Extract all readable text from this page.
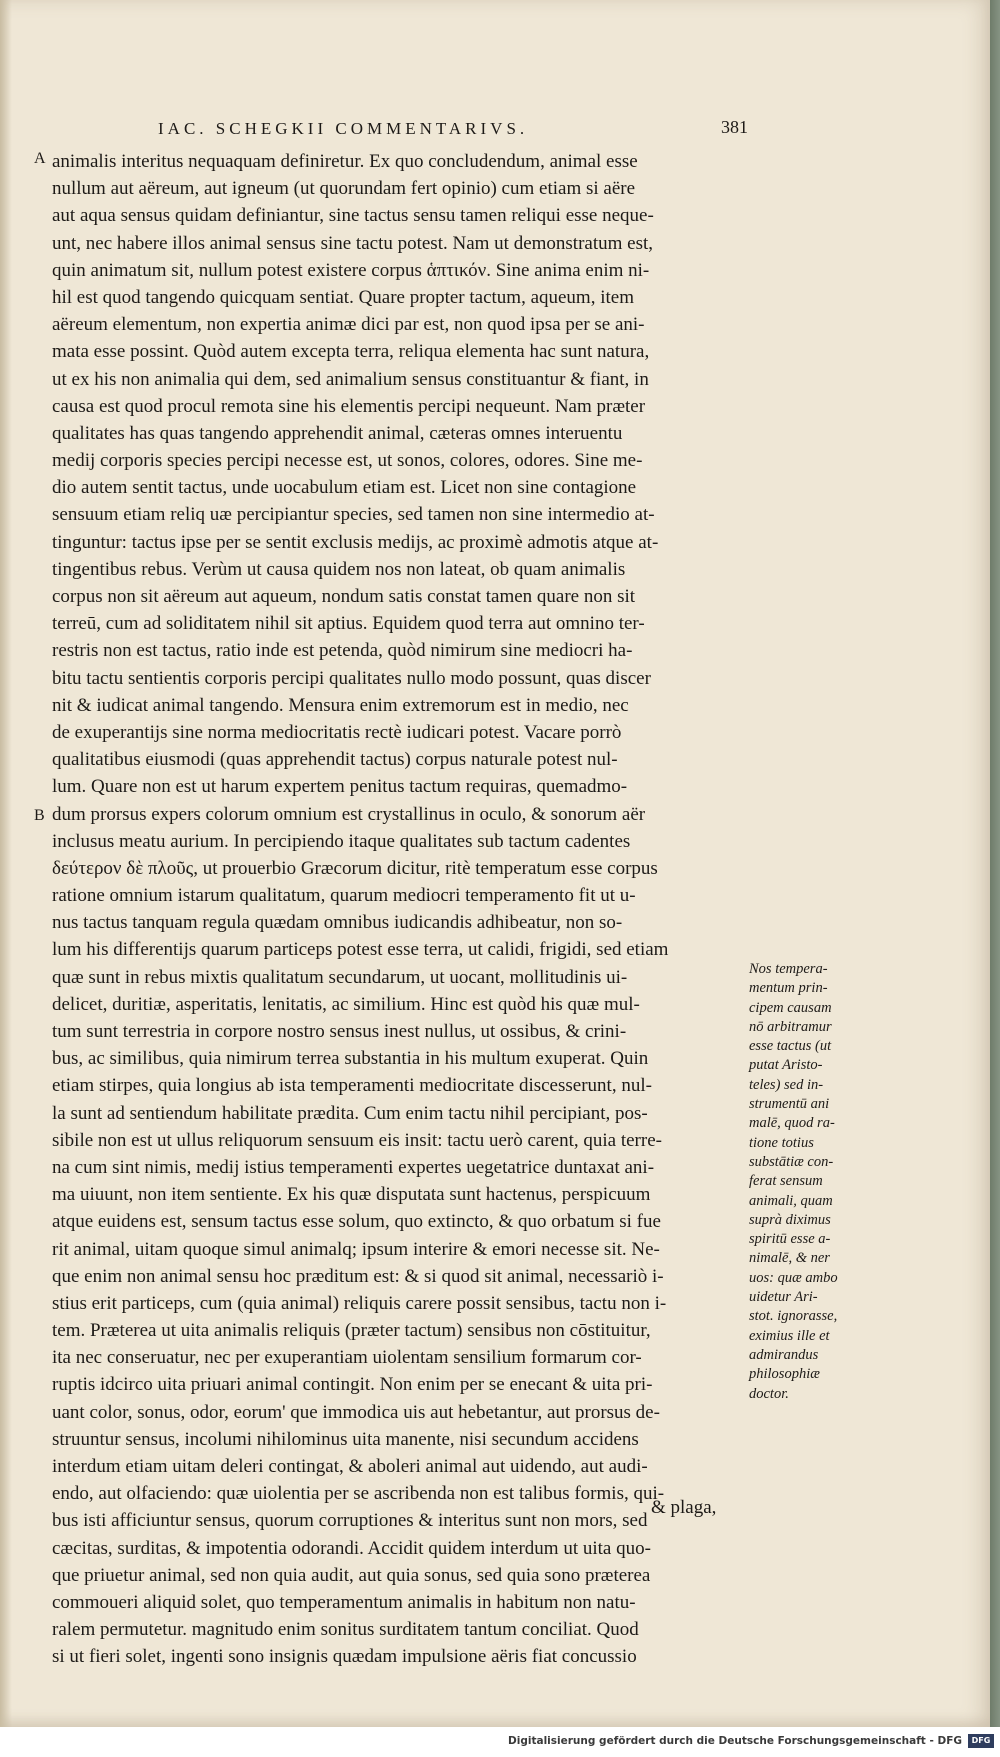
IAC. SCHEGKII COMMENTARIVS.	381
A
B
animalis interitus nequaquam definiretur. Ex quo concludendum, animal esse
nullum aut aëreum, aut igneum (ut quorundam fert opinio) cum etiam si aëre
aut aqua sensus quidam definiantur, sine tactus sensu tamen reliqui esse neque-
unt, nec habere illos animal sensus sine tactu potest. Nam ut demonstratum est,
quin animatum sit, nullum potest existere corpus ἁπτικόν. Sine anima enim ni-
hil est quod tangendo quicquam sentiat. Quare propter tactum, aqueum, item
aëreum elementum, non expertia animæ dici par est, non quod ipsa per se ani-
mata esse possint. Quòd autem excepta terra, reliqua elementa hac sunt natura,
ut ex his non animalia qui dem, sed animalium sensus constituantur & fiant, in
causa est quod procul remota sine his elementis percipi nequeunt. Nam præter
qualitates has quas tangendo apprehendit animal, cæteras omnes interuentu
medij corporis species percipi necesse est, ut sonos, colores, odores. Sine me-
dio autem sentit tactus, unde uocabulum etiam est. Licet non sine contagione
sensuum etiam reliq uæ percipiantur species, sed tamen non sine intermedio at-
tinguntur: tactus ipse per se sentit exclusis medijs, ac proximè admotis atque at-
tingentibus rebus. Verùm ut causa quidem nos non lateat, ob quam animalis
corpus non sit aëreum aut aqueum, nondum satis constat tamen quare non sit
terreū, cum ad soliditatem nihil sit aptius. Equidem quod terra aut omnino ter-
restris non est tactus, ratio inde est petenda, quòd nimirum sine mediocri ha-
bitu tactu sentientis corporis percipi qualitates nullo modo possunt, quas discer
nit & iudicat animal tangendo. Mensura enim extremorum est in medio, nec
de exuperantijs sine norma mediocritatis rectè iudicari potest. Vacare porrò
qualitatibus eiusmodi (quas apprehendit tactus) corpus naturale potest nul-
lum. Quare non est ut harum expertem penitus tactum requiras, quemadmo-
dum prorsus expers colorum omnium est crystallinus in oculo, & sonorum aër
inclusus meatu aurium. In percipiendo itaque qualitates sub tactum cadentes
δεύτερον δὲ πλοῦς, ut prouerbio Græcorum dicitur, ritè temperatum esse corpus
ratione omnium istarum qualitatum, quarum mediocri temperamento fit ut u-
nus tactus tanquam regula quædam omnibus iudicandis adhibeatur, non so-
lum his differentijs quarum particeps potest esse terra, ut calidi, frigidi, sed etiam
quæ sunt in rebus mixtis qualitatum secundarum, ut uocant, mollitudinis ui-
delicet, duritiæ, asperitatis, lenitatis, ac similium. Hinc est quòd his quæ mul-
tum sunt terrestria in corpore nostro sensus inest nullus, ut ossibus, & crini-
bus, ac similibus, quia nimirum terrea substantia in his multum exuperat. Quin
etiam stirpes, quia longius ab ista temperamenti mediocritate discesserunt, nul-
la sunt ad sentiendum habilitate prædita. Cum enim tactu nihil percipiant, pos-
sibile non est ut ullus reliquorum sensuum eis insit: tactu uerò carent, quia terre-
na cum sint nimis, medij istius temperamenti expertes uegetatrice duntaxat ani-
ma uiuunt, non item sentiente. Ex his quæ disputata sunt hactenus, perspicuum
atque euidens est, sensum tactus esse solum, quo extincto, & quo orbatum si fue
rit animal, uitam quoque simul animalq; ipsum interire & emori necesse sit. Ne-
que enim non animal sensu hoc præditum est: & si quod sit animal, necessariò i-
stius erit particeps, cum (quia animal) reliquis carere possit sensibus, tactu non i-
tem. Præterea ut uita animalis reliquis (præter tactum) sensibus non cōstituitur,
ita nec conseruatur, nec per exuperantiam uiolentam sensilium formarum cor-
ruptis idcirco uita priuari animal contingit. Non enim per se enecant & uita pri-
uant color, sonus, odor, eorum' que immodica uis aut hebetantur, aut prorsus de-
struuntur sensus, incolumi nihilominus uita manente, nisi secundum accidens
interdum etiam uitam deleri contingat, & aboleri animal aut uidendo, aut audi-
endo, aut olfaciendo: quæ uiolentia per se ascribenda non est talibus formis, qui-
bus isti afficiuntur sensus, quorum corruptiones & interitus sunt non mors, sed
cæcitas, surditas, & impotentia odorandi. Accidit quidem interdum ut uita quo-
que priuetur animal, sed non quia audit, aut quia sonus, sed quia sono præterea
commoueri aliquid solet, quo temperamentum animalis in habitum non natu-
ralem permutetur. magnitudo enim sonitus surditatem tantum conciliat. Quod
si ut fieri solet, ingenti sono insignis quædam impulsione aëris fiat concussio
Nos tempera-
mentum prin-
cipem causam
nō arbitramur
esse tactus (ut
putat Aristo-
teles) sed in-
strumentū ani
malē, quod ra-
tione totius
substātiæ con-
ferat sensum
animali, quam
suprà diximus
spiritū esse a-
nimalē, & ner
uos: quæ ambo
uidetur Ari-
stot. ignorasse,
eximius ille et
admirandus
philosophiæ
doctor.
& plaga,
Digitalisierung gefördert durch die Deutsche Forschungsgemeinschaft - DFG	DFG
